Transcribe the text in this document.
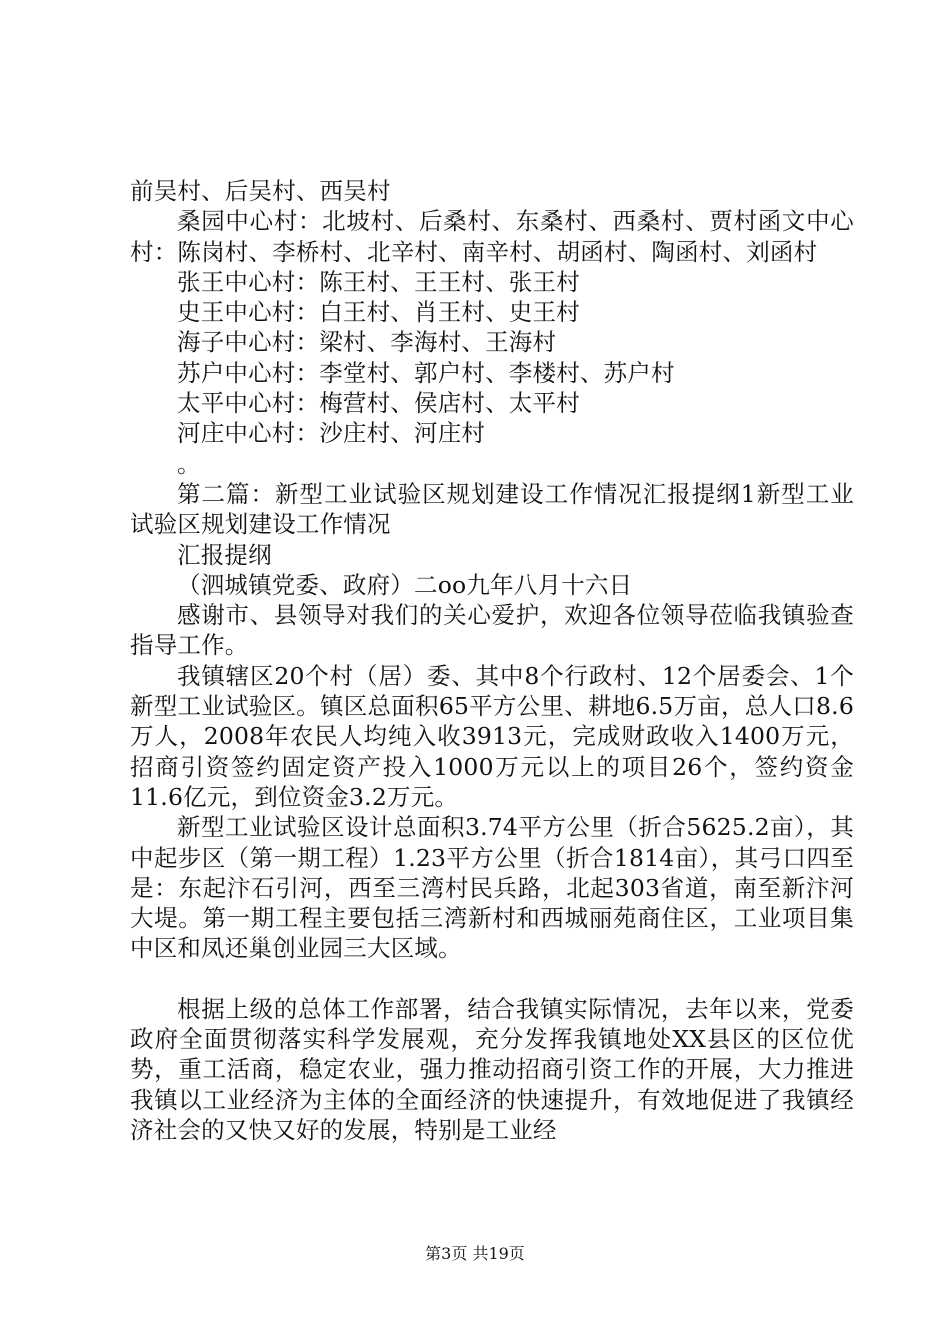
前吴村、后吴村、西吴村

桑园中心村：北坡村、后桑村、东桑村、西桑村、贾村函文中心村：陈岗村、李桥村、北辛村、南辛村、胡函村、陶函村、刘函村

张王中心村：陈王村、王王村、张王村

史王中心村：白王村、肖王村、史王村

海子中心村：梁村、李海村、王海村

苏户中心村：李堂村、郭户村、李楼村、苏户村

太平中心村：梅营村、侯店村、太平村

河庄中心村：沙庄村、河庄村

。

第二篇：新型工业试验区规划建设工作情况汇报提纲1新型工业试验区规划建设工作情况

汇报提纲

（泗城镇党委、政府）二oo九年八月十六日

感谢市、县领导对我们的关心爱护，欢迎各位领导莅临我镇验查指导工作。

我镇辖区20个村（居）委、其中8个行政村、12个居委会、1个新型工业试验区。镇区总面积65平方公里、耕地6.5万亩，总人口8.6万人，2008年农民人均纯入收3913元，完成财政收入1400万元，招商引资签约固定资产投入1000万元以上的项目26个，签约资金11.6亿元，到位资金3.2万元。

新型工业试验区设计总面积3.74平方公里（折合5625.2亩），其中起步区（第一期工程）1.23平方公里（折合1814亩），其弓口四至是：东起汴石引河，西至三湾村民兵路，北起303省道，南至新汴河大堤。第一期工程主要包括三湾新村和西城丽苑商住区，工业项目集中区和凤还巢创业园三大区域。

根据上级的总体工作部署，结合我镇实际情况，去年以来，党委政府全面贯彻落实科学发展观，充分发挥我镇地处XX县区的区位优势，重工活商，稳定农业，强力推动招商引资工作的开展，大力推进我镇以工业经济为主体的全面经济的快速提升，有效地促进了我镇经济社会的又快又好的发展，特别是工业经

第3页 共19页
